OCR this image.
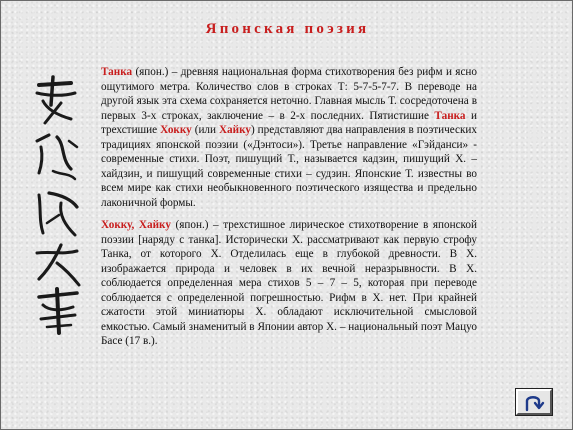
Японская поэзия

Танка (япон.) – древняя национальная форма стихотворения без рифм и ясно ощутимого метра. Количество слов в строках Т: 5-7-5-7-7. В переводе на другой язык эта схема сохраняется неточно. Главная мысль Т. сосредоточена в первых 3-х строках, заключение – в 2-х последних. Пятистишие Танка и трехстишие Хокку (или Хайку) представляют два направления в поэтических традициях японской поэзии («Дэнтоси»). Третье направление «Гэйданси» - современные стихи. Поэт, пишущий Т., называется кадзин, пишущий Х. – хайдзин, и пишущий современные стихи – судзин. Японские Т. известны во всем мире как стихи необыкновенного поэтического изящества и предельно лаконичной формы.

Хокку, Хайку (япон.) – трехстишное лирическое стихотворение в японской поэзии [наряду с танка]. Исторически Х. рассматривают как первую строфу Танка, от которого Х. Отделилась еще в глубокой древности. В Х. изображается природа и человек в их вечной неразрывности. В Х. соблюдается определенная мера стихов 5 – 7 – 5, которая при переводе соблюдается с определенной погрешностью. Рифм в Х. нет. При крайней сжатости этой миниатюры Х. обладают исключительной смысловой емкостью. Самый знаменитый в Японии автор Х. – национальный поэт Мацуо Басе (17 в.).
